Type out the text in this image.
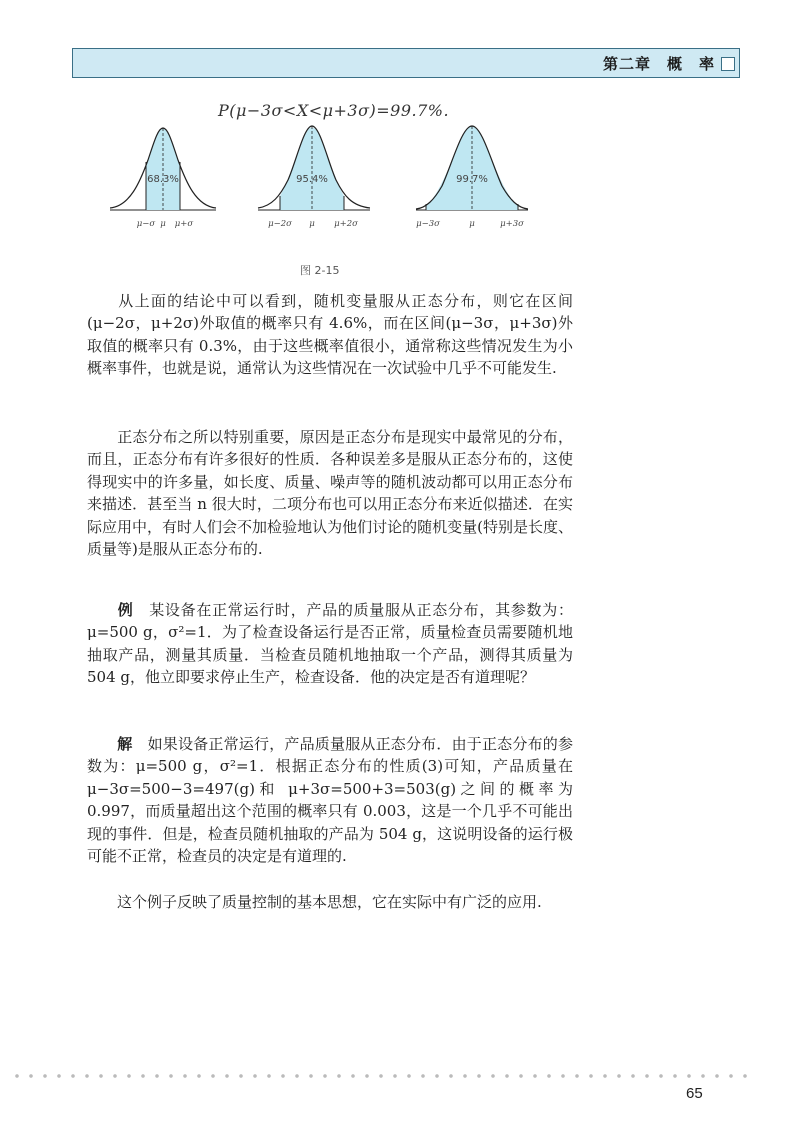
第二章　概　率
P(μ−3σ<X<μ+3σ)=99.7%.
68.3%
μ−σ μ μ+σ
95.4%
μ−2σ μ μ+2σ
99.7%
μ−3σ	μ	μ+3σ
图 2-15

从上面的结论中可以看到，随机变量服从正态分布，则它在区间(μ−2σ，μ+2σ)外取值的概率只有 4.6%，而在区间(μ−3σ，μ+3σ)外取值的概率只有 0.3%，由于这些概率值很小，通常称这些情况发生为小概率事件，也就是说，通常认为这些情况在一次试验中几乎不可能发生.

正态分布之所以特别重要，原因是正态分布是现实中最常见的分布，而且，正态分布有许多很好的性质．各种误差多是服从正态分布的，这使得现实中的许多量，如长度、质量、噪声等的随机波动都可以用正态分布来描述．甚至当 n 很大时，二项分布也可以用正态分布来近似描述．在实际应用中，有时人们会不加检验地认为他们讨论的随机变量(特别是长度、质量等)是服从正态分布的.

例　 某设备在正常运行时，产品的质量服从正态分布，其参数为：μ=500 g，σ²=1．为了检查设备运行是否正常，质量检查员需要随机地抽取产品，测量其质量．当检查员随机地抽取一个产品，测得其质量为 504 g，他立即要求停止生产，检查设备．他的决定是否有道理呢？

解　 如果设备正常运行，产品质量服从正态分布．由于正态分布的参数为：μ=500 g，σ²=1．根据正态分布的性质(3)可知，产品质量在 μ−3σ=500−3=497(g)和 μ+3σ=500+3=503(g)之间的概率为 0.997，而质量超出这个范围的概率只有 0.003，这是一个几乎不可能出现的事件．但是，检查员随机抽取的产品为 504 g，这说明设备的运行极可能不正常，检查员的决定是有道理的.

这个例子反映了质量控制的基本思想，它在实际中有广泛的应用.

65
